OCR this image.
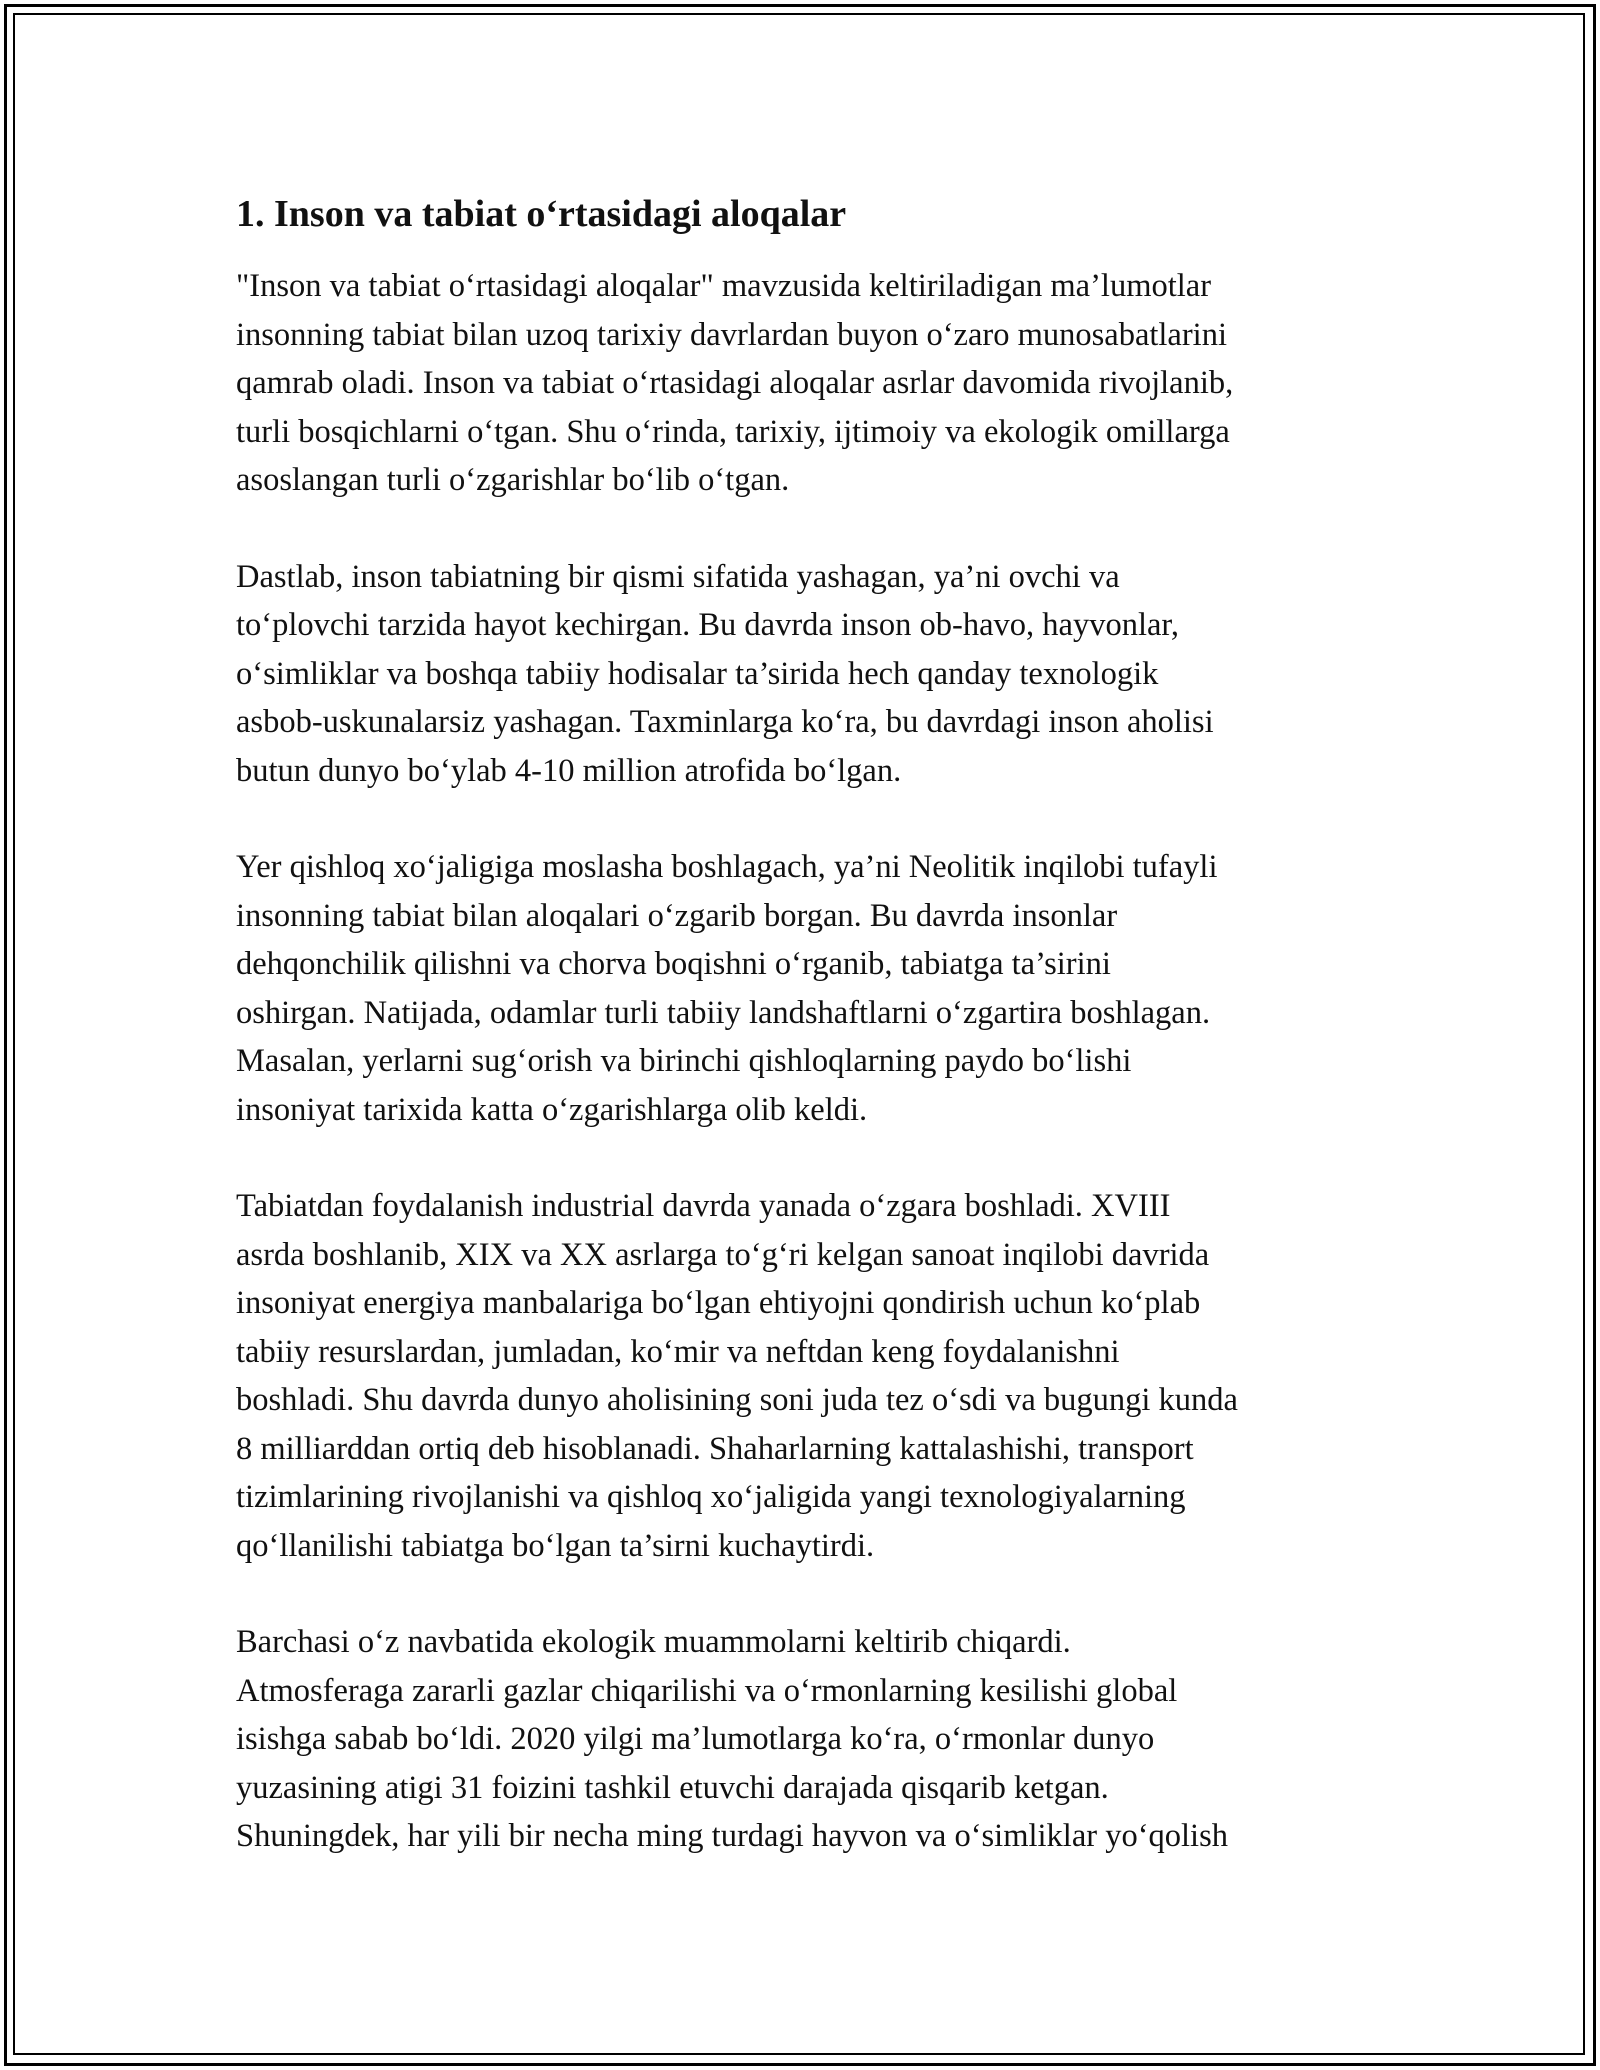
1. Inson va tabiat o‘rtasidagi aloqalar

"Inson va tabiat o‘rtasidagi aloqalar" mavzusida keltiriladigan ma’lumotlar
insonning tabiat bilan uzoq tarixiy davrlardan buyon o‘zaro munosabatlarini
qamrab oladi. Inson va tabiat o‘rtasidagi aloqalar asrlar davomida rivojlanib,
turli bosqichlarni o‘tgan. Shu o‘rinda, tarixiy, ijtimoiy va ekologik omillarga
asoslangan turli o‘zgarishlar bo‘lib o‘tgan.

Dastlab, inson tabiatning bir qismi sifatida yashagan, ya’ni ovchi va
to‘plovchi tarzida hayot kechirgan. Bu davrda inson ob-havo, hayvonlar,
o‘simliklar va boshqa tabiiy hodisalar ta’sirida hech qanday texnologik
asbob-uskunalarsiz yashagan. Taxminlarga ko‘ra, bu davrdagi inson aholisi
butun dunyo bo‘ylab 4-10 million atrofida bo‘lgan.

Yer qishloq xo‘jaligiga moslasha boshlagach, ya’ni Neolitik inqilobi tufayli
insonning tabiat bilan aloqalari o‘zgarib borgan. Bu davrda insonlar
dehqonchilik qilishni va chorva boqishni o‘rganib, tabiatga ta’sirini
oshirgan. Natijada, odamlar turli tabiiy landshaftlarni o‘zgartira boshlagan.
Masalan, yerlarni sug‘orish va birinchi qishloqlarning paydo bo‘lishi
insoniyat tarixida katta o‘zgarishlarga olib keldi.

Tabiatdan foydalanish industrial davrda yanada o‘zgara boshladi. XVIII
asrda boshlanib, XIX va XX asrlarga to‘g‘ri kelgan sanoat inqilobi davrida
insoniyat energiya manbalariga bo‘lgan ehtiyojni qondirish uchun ko‘plab
tabiiy resurslardan, jumladan, ko‘mir va neftdan keng foydalanishni
boshladi. Shu davrda dunyo aholisining soni juda tez o‘sdi va bugungi kunda
8 milliarddan ortiq deb hisoblanadi. Shaharlarning kattalashishi, transport
tizimlarining rivojlanishi va qishloq xo‘jaligida yangi texnologiyalarning
qo‘llanilishi tabiatga bo‘lgan ta’sirni kuchaytirdi.

Barchasi o‘z navbatida ekologik muammolarni keltirib chiqardi.
Atmosferaga zararli gazlar chiqarilishi va o‘rmonlarning kesilishi global
isishga sabab bo‘ldi. 2020 yilgi ma’lumotlarga ko‘ra, o‘rmonlar dunyo
yuzasining atigi 31 foizini tashkil etuvchi darajada qisqarib ketgan.
Shuningdek, har yili bir necha ming turdagi hayvon va o‘simliklar yo‘qolish
